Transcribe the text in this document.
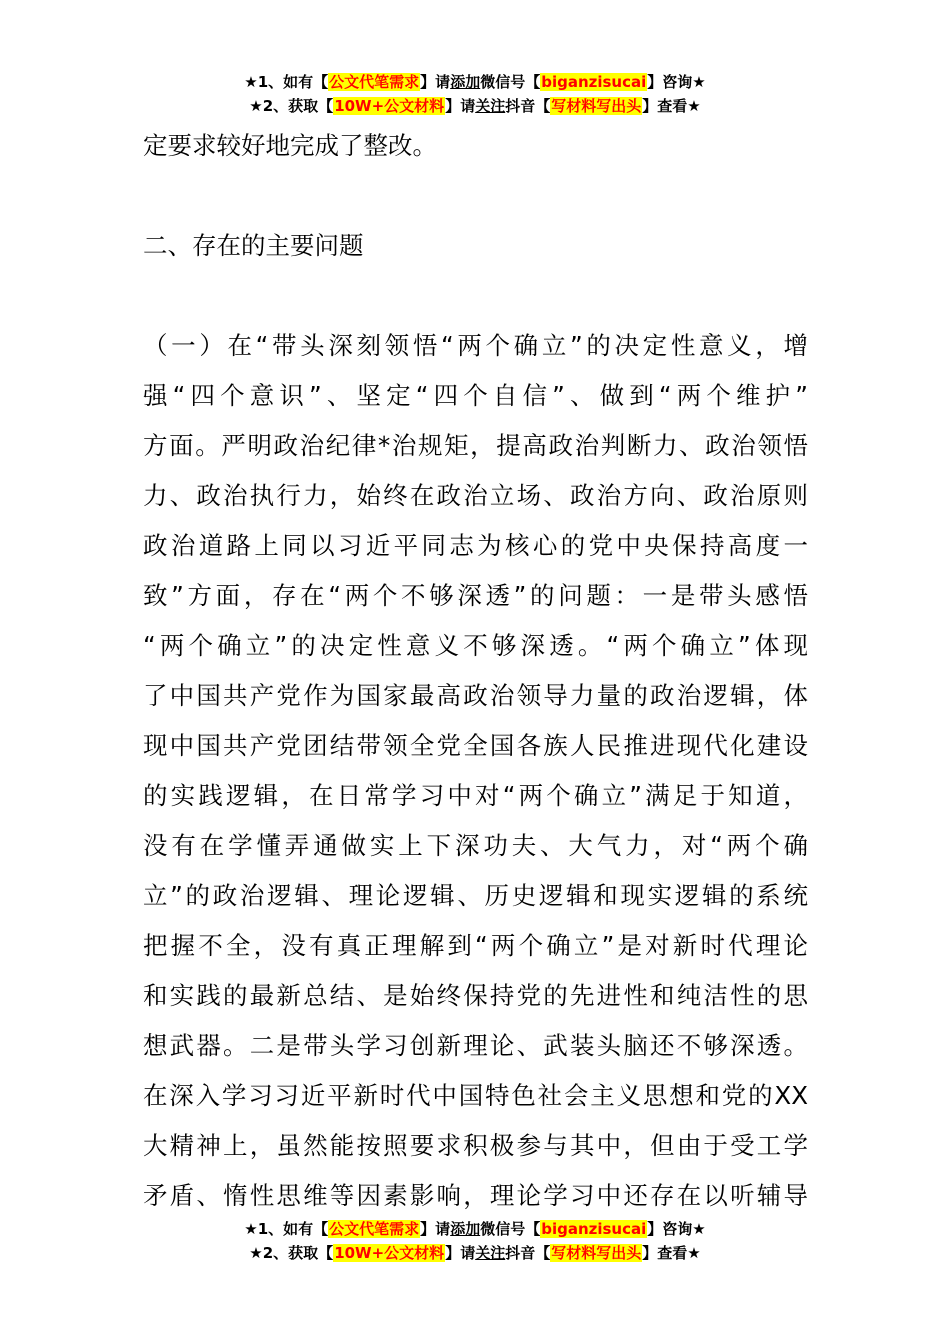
★1、如有【公文代笔需求】请添加微信号【biganzisucai】咨询★
★2、获取【10W+公文材料】请关注抖音【写材料写出头】查看★
定要求较好地完成了整改。
二、存在的主要问题
（一）在“带头深刻领悟“两个确立”的决定性意义，增
强“四个意识”、坚定“四个自信”、做到“两个维护”
方面。严明政治纪律*治规矩，提高政治判断力、政治领悟
力、政治执行力，始终在政治立场、政治方向、政治原则
政治道路上同以习近平同志为核心的党中央保持高度一
致”方面，存在“两个不够深透”的问题：一是带头感悟
“两个确立”的决定性意义不够深透。“两个确立”体现
了中国共产党作为国家最高政治领导力量的政治逻辑，体
现中国共产党团结带领全党全国各族人民推进现代化建设
的实践逻辑，在日常学习中对“两个确立”满足于知道，
没有在学懂弄通做实上下深功夫、大气力，对“两个确
立”的政治逻辑、理论逻辑、历史逻辑和现实逻辑的系统
把握不全，没有真正理解到“两个确立”是对新时代理论
和实践的最新总结、是始终保持党的先进性和纯洁性的思
想武器。二是带头学习创新理论、武装头脑还不够深透。
在深入学习习近平新时代中国特色社会主义思想和党的XX
大精神上，虽然能按照要求积极参与其中，但由于受工学
矛盾、惰性思维等因素影响，理论学习中还存在以听辅导
★1、如有【公文代笔需求】请添加微信号【biganzisucai】咨询★
★2、获取【10W+公文材料】请关注抖音【写材料写出头】查看★
